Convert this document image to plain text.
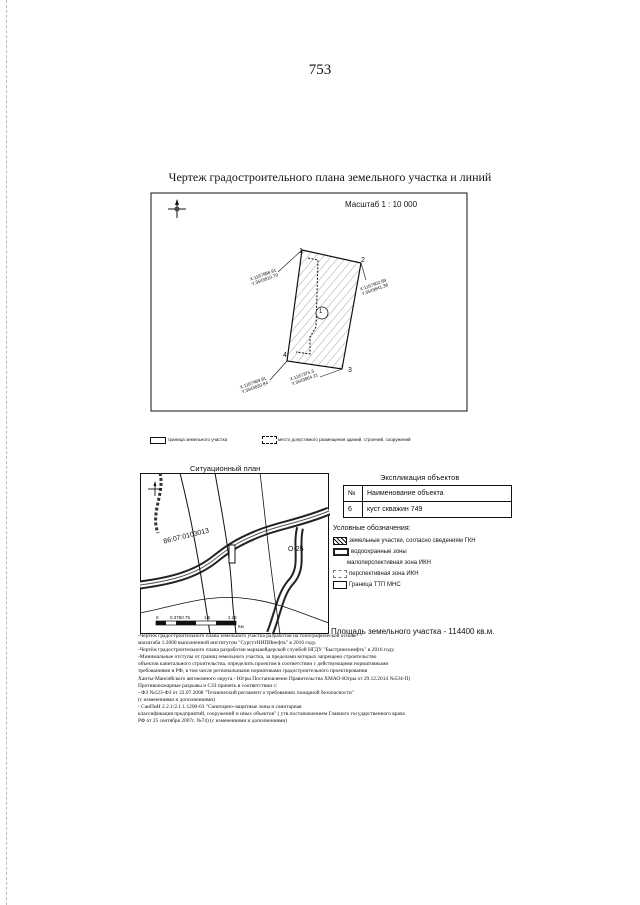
753
Чертеж градостроительного плана земельного участка и линий
Масштаб 1 : 10 000
1
2
3
4
1
X:1167888.91
Y:3543810.79	X:1167902.69
Y:3543841.38
X:1167375.3
Y:3543864.21
X:1167469.91
Y:3543830.84
граница земельного участка	место допустимого размещения зданий, строений, сооружений
Ситуационный план
86:07:0103013
О-25
0	0.3750.75	1.5	2.25
Км
Экспликация объектов
№	Наименование объекта
6	куст скважин 749
Условные обозначения:
земельные участки, согласно сведениям ГКН
водоохранные зоны
малоперспективная зона ИКН
перспективная зона ИКН
Граница ТТП МНС
Площадь земельного участка - 114400 кв.м.
-Чертёж градостроительного плана земельного участка разработан на топографической основе
масштаба 1:2000 выполненной институтом "СургутНИПИнефть" в 2016 году.
-Чертёж градостроительного плана разработан маркшейдерской службой НГДУ "Быстринскнефть" в 2016 году.
-Минимальные отступы от границ земельного участка, за пределами которых запрещено строительство
объектов капитального строительства, определить проектом в соответствии с действующими нормативными
требованиями в РФ, в том числе региональными нормативами градостроительного проектирования
Ханты-Мансийского автономного округа - Югры Постановление Правительства ХМАО-Югры от 29.12.2014 №534-П)
Противопожарные разрывы и СЗЗ принять в соответствии с:
- ФЗ №123-ФЗ от 22.07.2008 "Технический регламент о требованиях пожарной безопасности"
(с изменениями и дополнениями)
- СанПиН 2.2.1/2.1.1.1200-03 "Санитарно-защитные зоны и санитарная
классификация предприятий, сооружений и иных объектов" ( утв.постановлением Главного государственного врача
РФ от 25 сентября 2007г. №74) (с изменениями и дополнениями)
